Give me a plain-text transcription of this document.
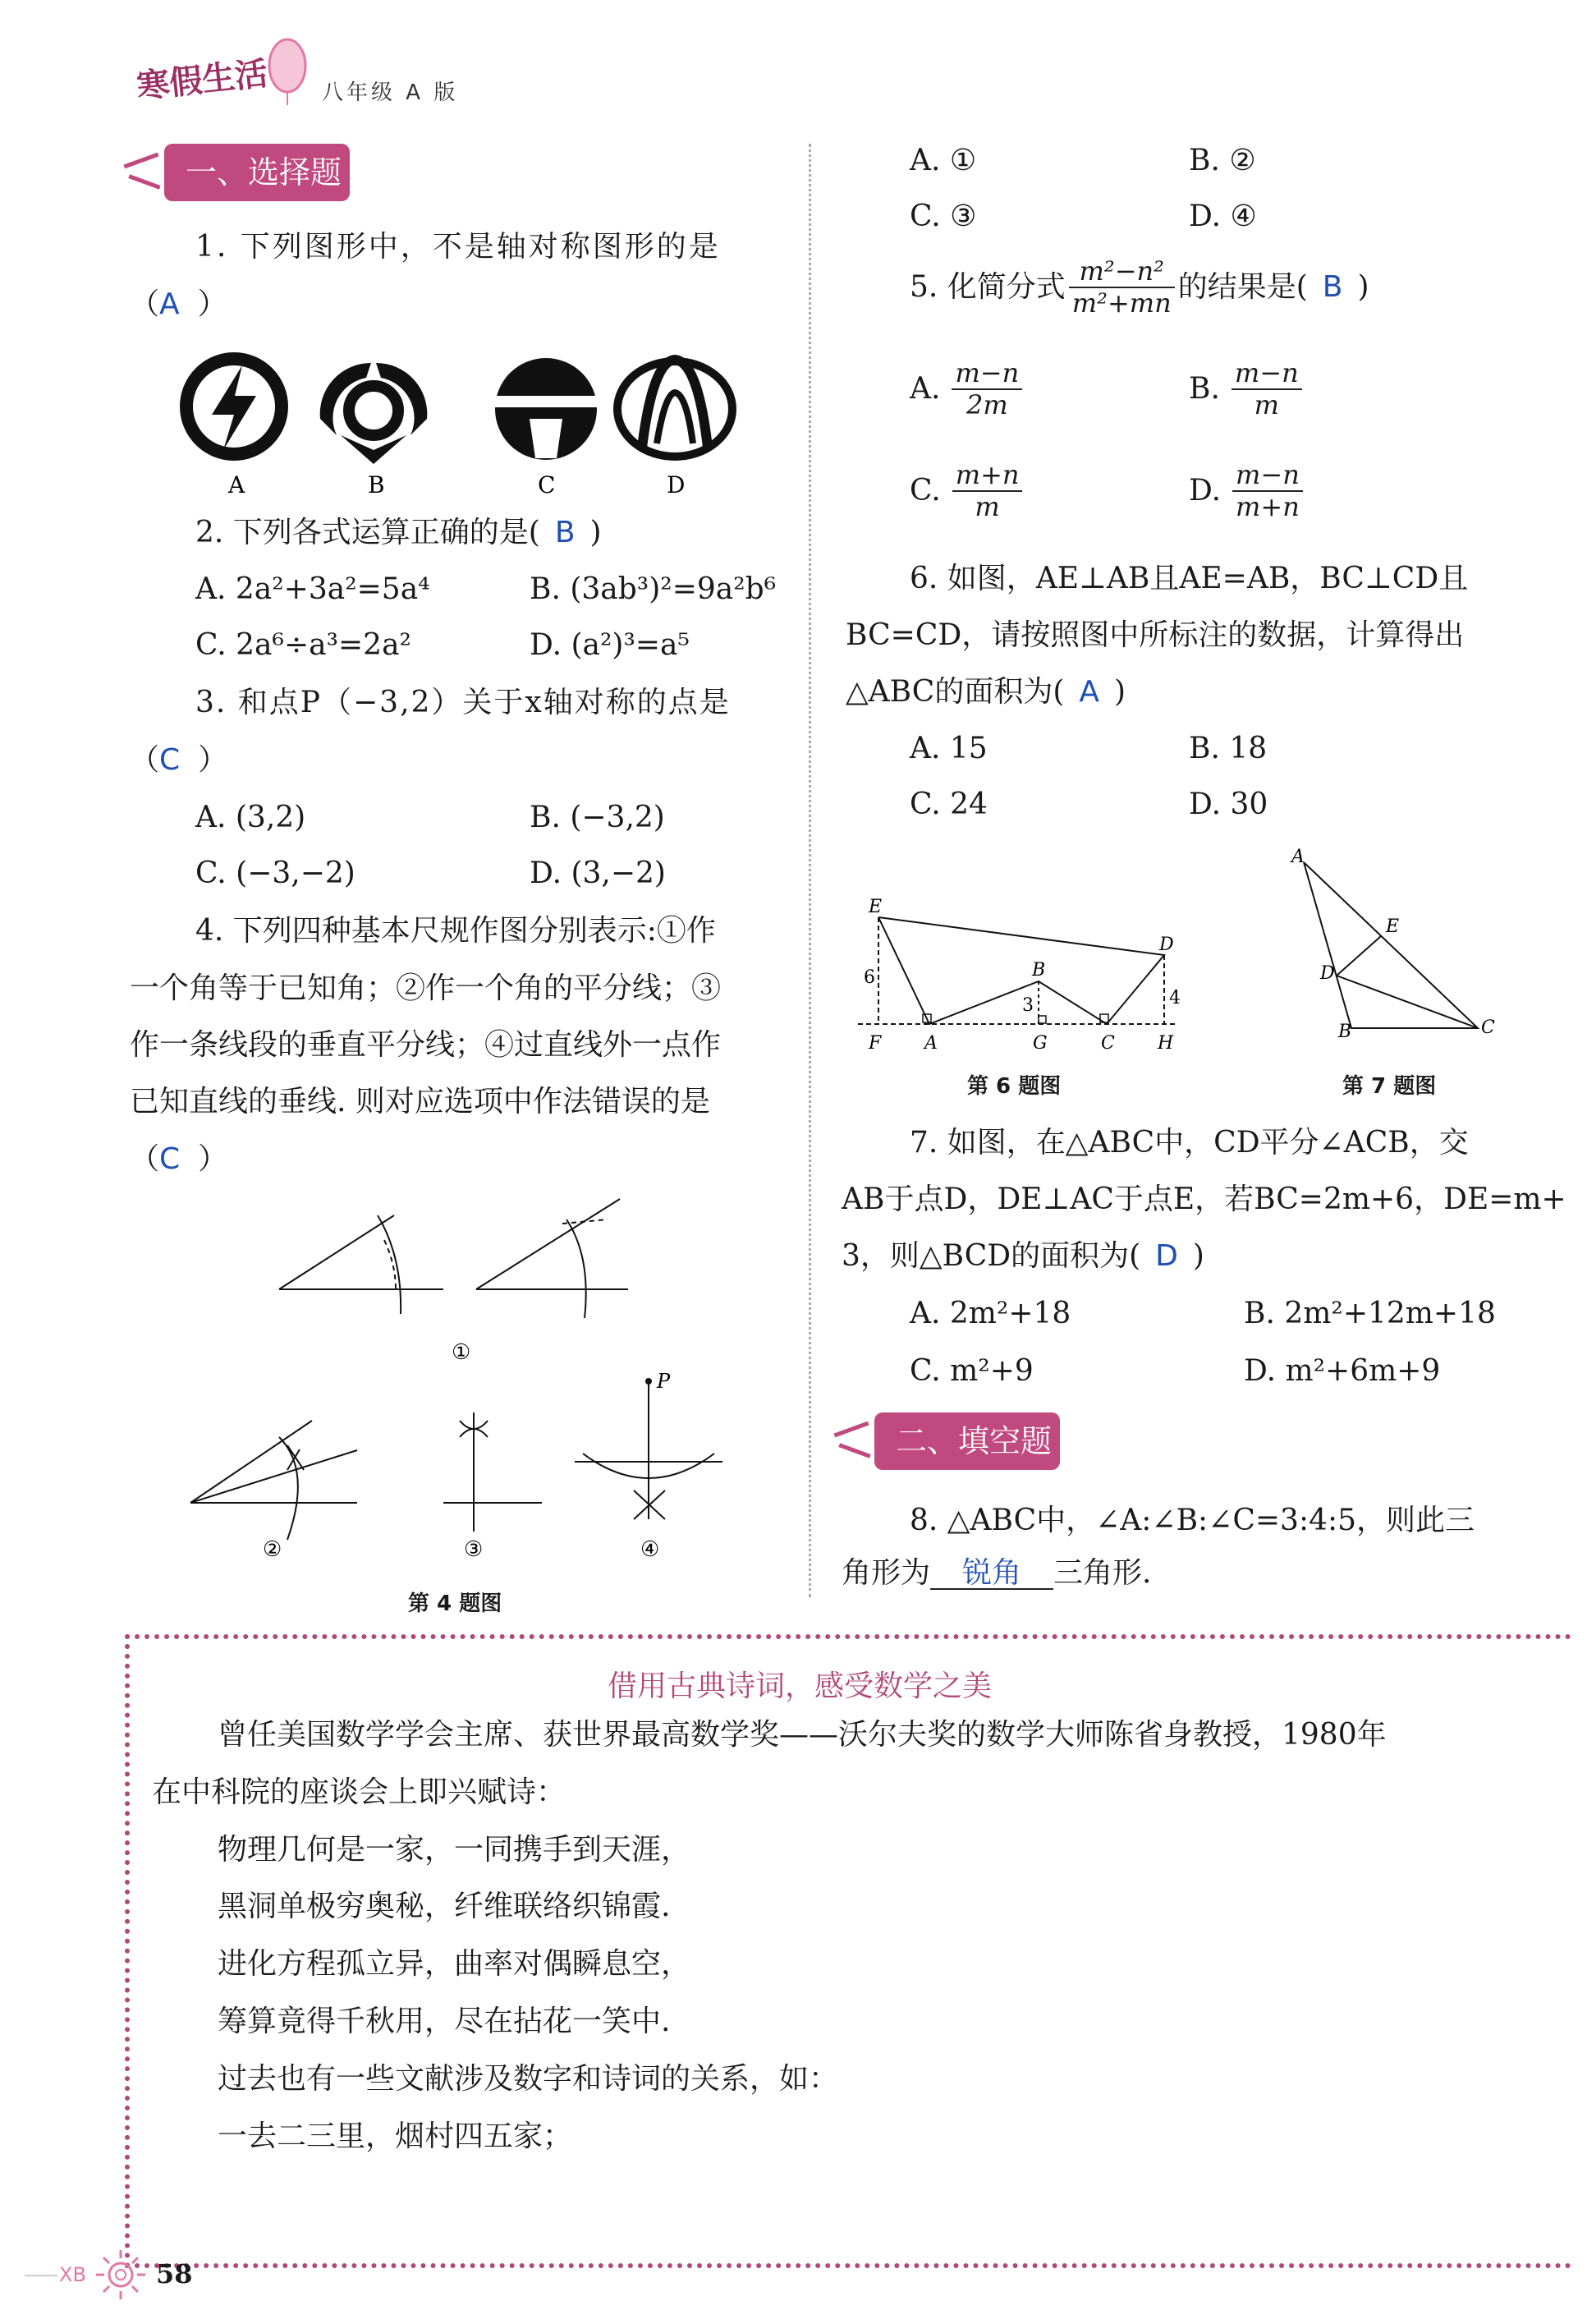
寒假生活 八年级 A 版
一、选择题
1. 下列图形中，不是轴对称图形的是
（A ）
A	B	C	D
2. 下列各式运算正确的是( B )
A. 2a²+3a²=5a⁴	B. (3ab³)²=9a²b⁶
C. 2a⁶÷a³=2a²	D. (a²)³=a⁵
3. 和点P（−3,2）关于x轴对称的点是
（C ）
A. (3,2)	B. (−3,2)
C. (−3,−2)	D. (3,−2)
4. 下列四种基本尺规作图分别表示:①作
一个角等于已知角；②作一个角的平分线；③
作一条线段的垂直平分线；④过直线外一点作
已知直线的垂线. 则对应选项中作法错误的是
（C ）
①
②	③
P
④
第 4 题图
A. ①	B. ②
C. ③	D. ④
5. 化简分式 $\frac{\text{m²−n²}}{\text{m²+mn}}$ 的结果是( B )
A. $\frac{m-n}{2m}$	B. $\frac{m-n}{m}$
C. $\frac{m+n}{m}$	D. $\frac{m-n}{m+n}$
6. 如图，AE⊥AB且AE=AB，BC⊥CD且
BC=CD，请按照图中所标注的数据，计算得出
△ABC的面积为( A )
A. 15	B. 18
C. 24	D. 30
E
D
B
F A	G	C H
6
3	4
第 6 题图
A
E
D
B	C
第 7 题图
7. 如图，在△ABC中，CD平分∠ACB，交
AB于点D，DE⊥AC于点E，若BC=2m+6，DE=m+
3，则△BCD的面积为( D )
A. 2m²+18	B. 2m²+12m+18
C. m²+9	D. m²+6m+9
二、填空题
8. △ABC中，∠A:∠B:∠C=3:4:5，则此三
角形为 锐角 三角形.
借用古典诗词，感受数学之美
曾任美国数学学会主席、获世界最高数学奖——沃尔夫奖的数学大师陈省身教授，1980年
在中科院的座谈会上即兴赋诗：
物理几何是一家，一同携手到天涯，
黑洞单极穷奥秘，纤维联络织锦霞.
进化方程孤立异，曲率对偶瞬息空，
筹算竟得千秋用，尽在拈花一笑中.
过去也有一些文献涉及数字和诗词的关系，如：
一去二三里，烟村四五家；
XB	58
